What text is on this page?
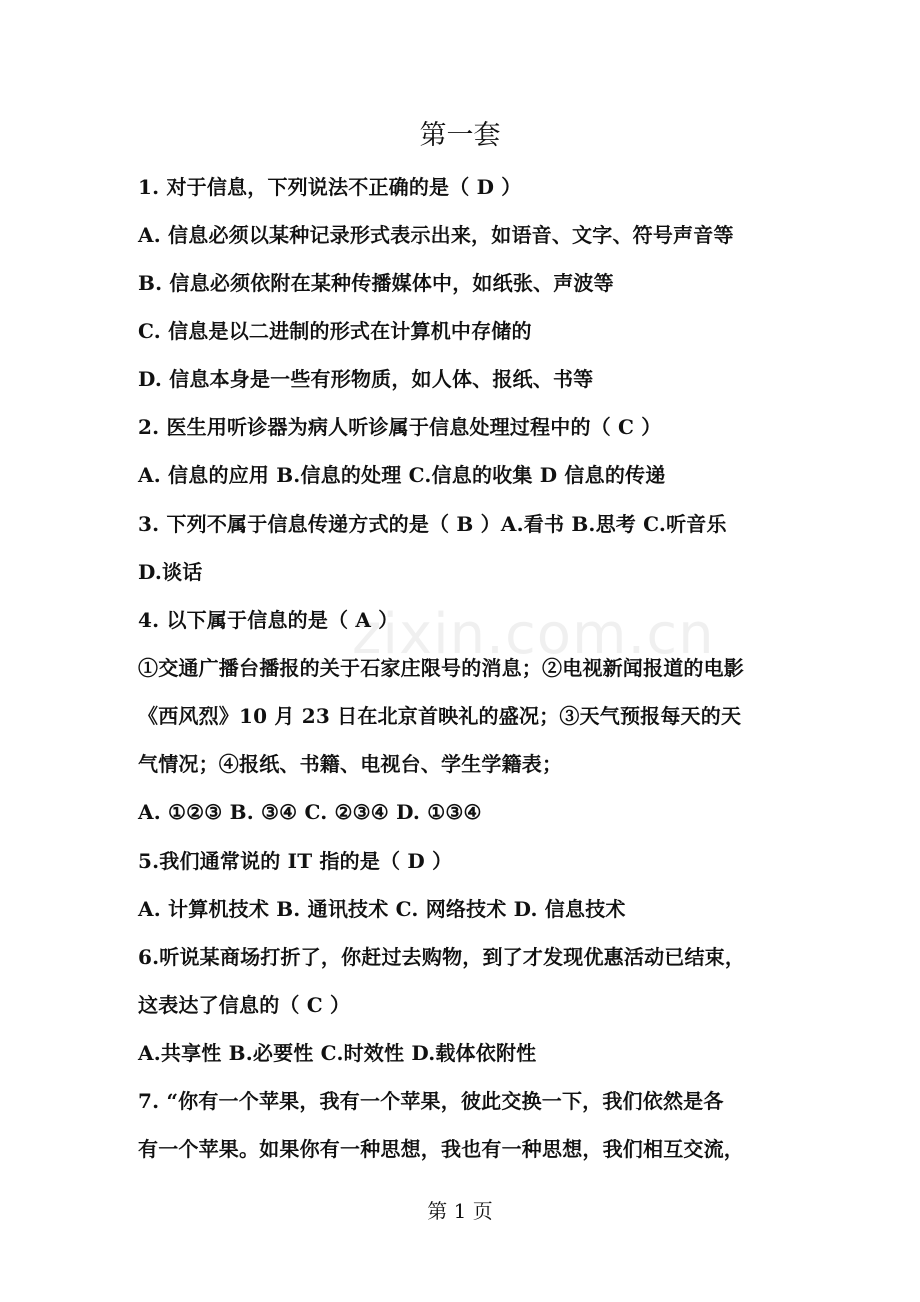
zixin.com.cn
第一套
1. 对于信息，下列说法不正确的是（ D ）
A. 信息必须以某种记录形式表示出来，如语音、文字、符号声音等
B. 信息必须依附在某种传播媒体中，如纸张、声波等
C. 信息是以二进制的形式在计算机中存储的
D. 信息本身是一些有形物质，如人体、报纸、书等
2. 医生用听诊器为病人听诊属于信息处理过程中的（ C ）
A. 信息的应用 B.信息的处理 C.信息的收集 D 信息的传递
3. 下列不属于信息传递方式的是（ B ）A.看书 B.思考 C.听音乐
D.谈话
4. 以下属于信息的是（ A ）
①交通广播台播报的关于石家庄限号的消息；②电视新闻报道的电影
《西风烈》10 月 23 日在北京首映礼的盛况；③天气预报每天的天
气情况；④报纸、书籍、电视台、学生学籍表；
A. ①②③ B. ③④ C. ②③④ D. ①③④
5.我们通常说的 IT 指的是（ D ）
A. 计算机技术 B. 通讯技术 C. 网络技术 D. 信息技术
6.听说某商场打折了，你赶过去购物，到了才发现优惠活动已结束，
这表达了信息的（ C ）
A.共享性 B.必要性 C.时效性 D.载体依附性
7. “你有一个苹果，我有一个苹果，彼此交换一下，我们依然是各
有一个苹果。如果你有一种思想，我也有一种思想，我们相互交流，
第 1 页
